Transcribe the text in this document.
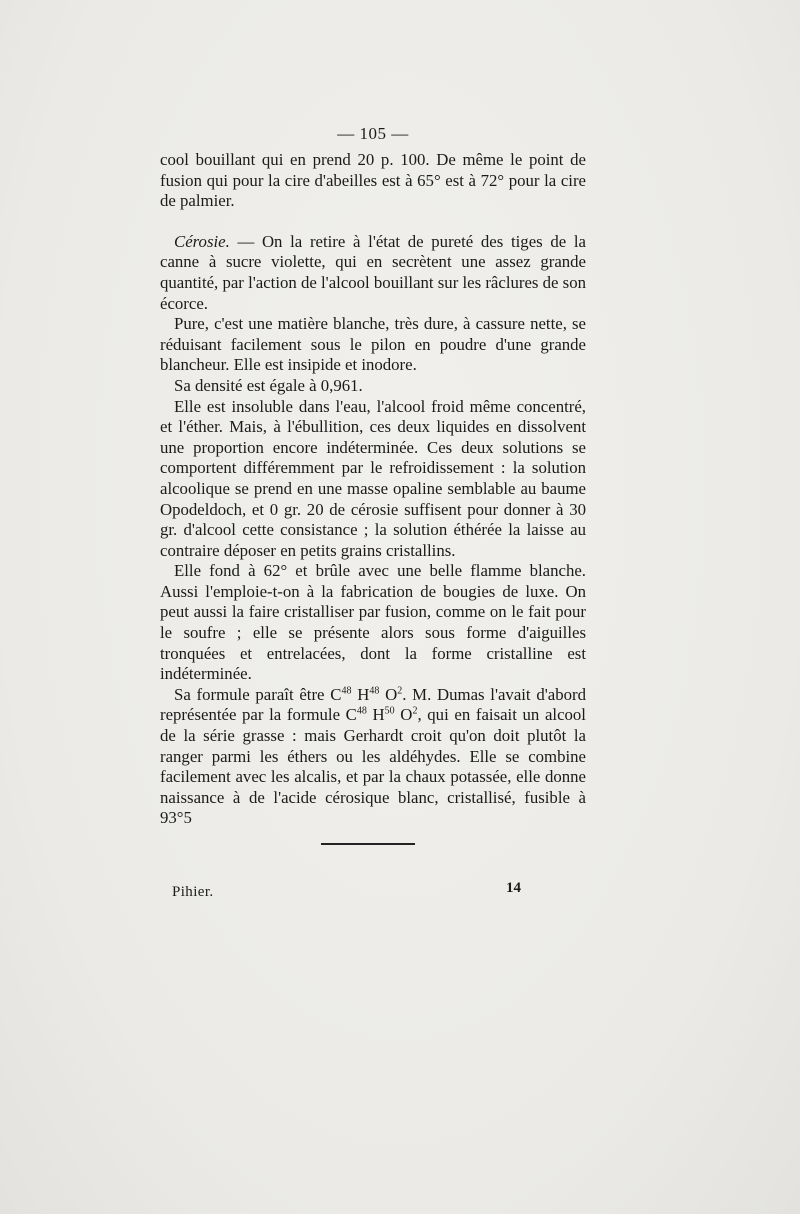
— 105 —

cool bouillant qui en prend 20 p. 100. De même le point de fusion qui pour la cire d'abeilles est à 65° est à 72° pour la cire de palmier.

Cérosie. — On la retire à l'état de pureté des tiges de la canne à sucre violette, qui en secrètent une assez grande quantité, par l'action de l'alcool bouillant sur les râclures de son écorce.

Pure, c'est une matière blanche, très dure, à cassure nette, se réduisant facilement sous le pilon en poudre d'une grande blancheur. Elle est insipide et inodore.

Sa densité est égale à 0,961.

Elle est insoluble dans l'eau, l'alcool froid même concentré, et l'éther. Mais, à l'ébullition, ces deux liquides en dissolvent une proportion encore indéterminée. Ces deux solutions se comportent différemment par le refroidissement : la solution alcoolique se prend en une masse opaline semblable au baume Opodeldoch, et 0 gr. 20 de cérosie suffisent pour donner à 30 gr. d'alcool cette consistance ; la solution éthérée la laisse au contraire déposer en petits grains cristallins.

Elle fond à 62° et brûle avec une belle flamme blanche. Aussi l'emploie-t-on à la fabrication de bougies de luxe. On peut aussi la faire cristalliser par fusion, comme on le fait pour le soufre ; elle se présente alors sous forme d'aiguilles tronquées et entrelacées, dont la forme cristalline est indéterminée.

Sa formule paraît être $C^{48}$ $H^{48}$ $O^2$. M. Dumas l'avait d'abord représentée par la formule $C^{48}$ $H^{50}$ $O^2$, qui en faisait un alcool de la série grasse : mais Gerhardt croit qu'on doit plutôt la ranger parmi les éthers ou les aldéhydes. Elle se combine facilement avec les alcalis, et par la chaux potassée, elle donne naissance à de l'acide cérosique blanc, cristallisé, fusible à 93°5

Pihier.	14
